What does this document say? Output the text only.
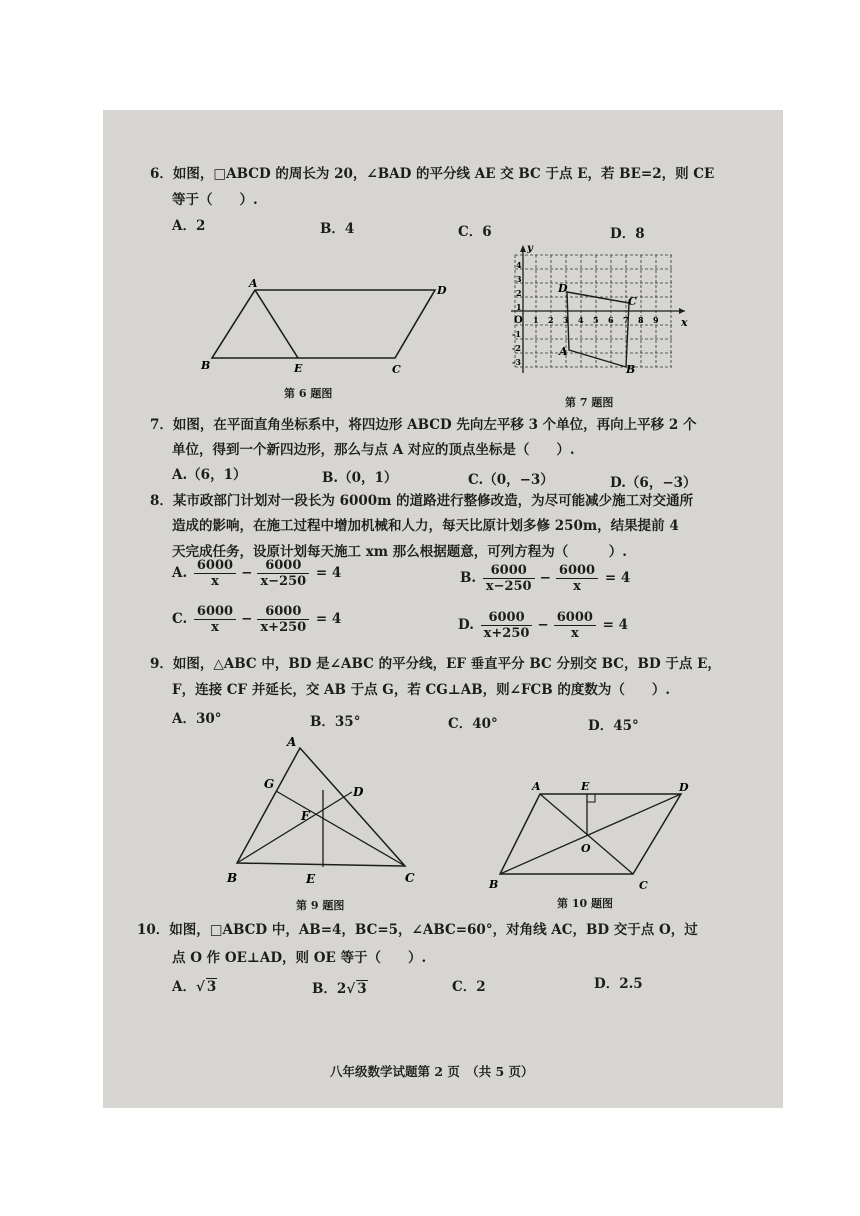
6．如图，□ABCD 的周长为 20，∠BAD 的平分线 AE 交 BC 于点 E，若 BE=2，则 CE
等于（　　）.
A．2	B．4	C．6	D．8
A
D
B	E	C
第 6 题图
y
x
O 1 2 3 4 5 6 7 8 9
4
3
2
1
-1
-2
-3
D
C
A
B
第 7 题图
7．如图，在平面直角坐标系中，将四边形 ABCD 先向左平移 3 个单位，再向上平移 2 个
单位，得到一个新四边形，那么与点 A 对应的顶点坐标是（　　）.
A.（6，1）	B.（0，1）	C.（0，−3）	D.（6，−3）
8．某市政部门计划对一段长为 6000m 的道路进行整修改造，为尽可能减少施工对交通所
造成的影响，在施工过程中增加机械和人力，每天比原计划多修 250m，结果提前 4
天完成任务，设原计划每天施工 xm 那么根据题意，可列方程为（　　　）.
A. $\frac{6000}{x} - \frac{6000}{x-250} = 4$	B. $\frac{6000}{x-250} - \frac{6000}{x} = 4$
C. $\frac{6000}{x} - \frac{6000}{x+250} = 4$	D. $\frac{6000}{x+250} - \frac{6000}{x} = 4$
9．如图，△ABC 中，BD 是∠ABC 的平分线，EF 垂直平分 BC 分别交 BC，BD 于点 E，
F，连接 CF 并延长，交 AB 于点 G，若 CG⊥AB，则∠FCB 的度数为（　　）.
A．30°	B．35°	C．40°	D．45°
A
G
D
F
B	E	C
第 9 题图
A	E	D
O
B	C
第 10 题图
10．如图，□ABCD 中，AB=4，BC=5，∠ABC=60°，对角线 AC，BD 交于点 O，过
点 O 作 OE⊥AD，则 OE 等于（　　）.
A．√ 3	B．2√ 3	C．2	D．2.5
八年级数学试题第 2 页　（共 5 页）
